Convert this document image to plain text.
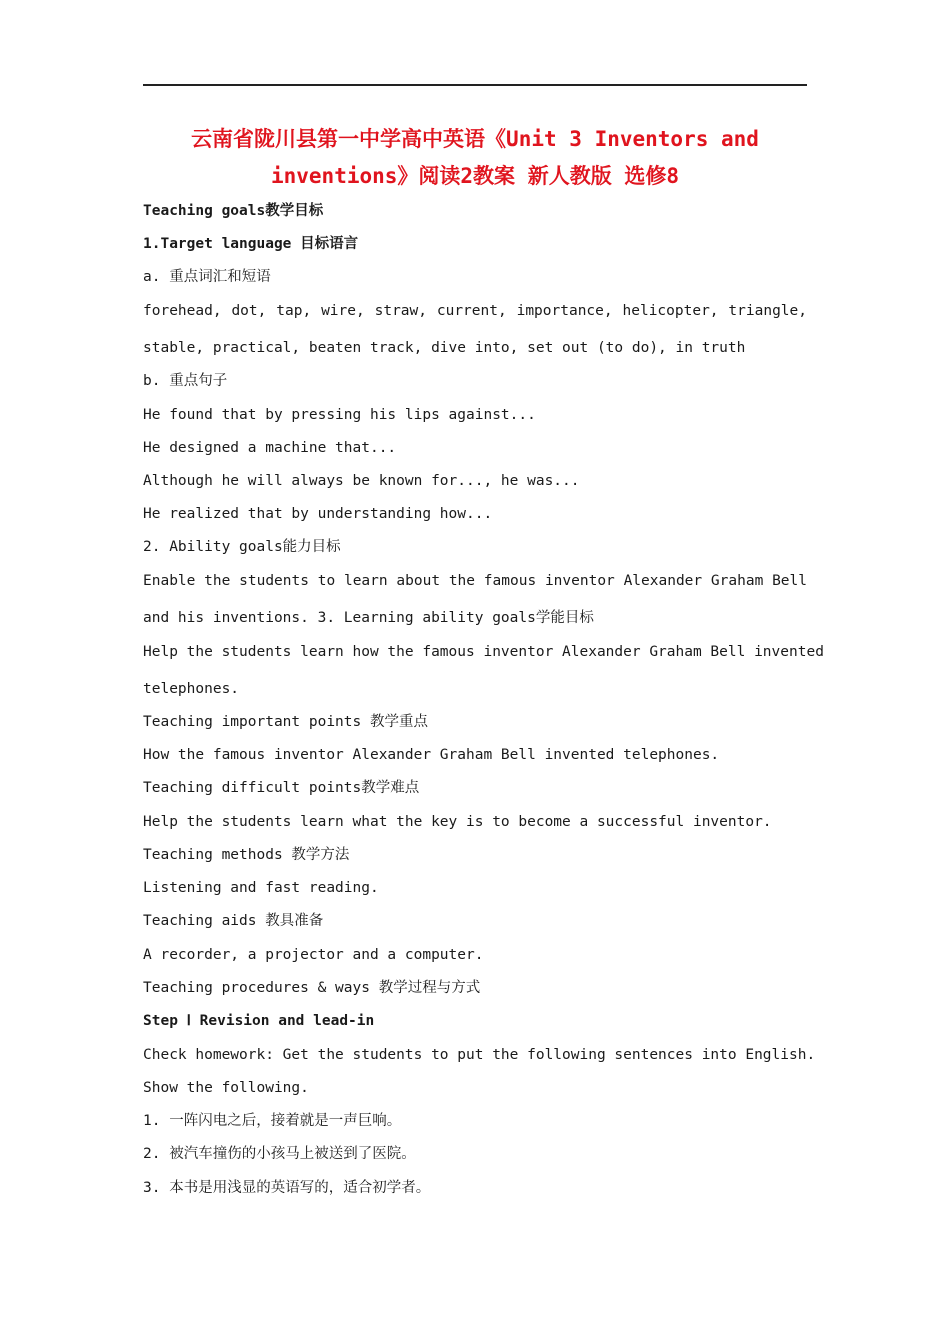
云南省陇川县第一中学高中英语《Unit 3 Inventors and
inventions》阅读2教案 新人教版 选修8
Teaching goals教学目标
1.Target language 目标语言
a. 重点词汇和短语
forehead, dot, tap, wire, straw, current, importance, helicopter, triangle,
stable, practical, beaten track, dive into, set out (to do), in truth
b. 重点句子
He found that by pressing his lips against...
He designed a machine that...
Although he will always be known for..., he was...
He realized that by understanding how...
2. Ability goals能力目标
Enable the students to learn about the famous inventor Alexander Graham Bell
and his inventions. 3. Learning ability goals学能目标
Help the students learn how the famous inventor Alexander Graham Bell invented
telephones.
Teaching important points 教学重点
How the famous inventor Alexander Graham Bell invented telephones.
Teaching difficult points教学难点
Help the students learn what the key is to become a successful inventor.
Teaching methods 教学方法
Listening and fast reading.
Teaching aids 教具准备
A recorder, a projector and a computer.
Teaching procedures & ways 教学过程与方式
Step Ⅰ Revision and lead-in
Check homework: Get the students to put the following sentences into English.
Show the following.
1. 一阵闪电之后，接着就是一声巨响。
2. 被汽车撞伤的小孩马上被送到了医院。
3. 本书是用浅显的英语写的，适合初学者。
